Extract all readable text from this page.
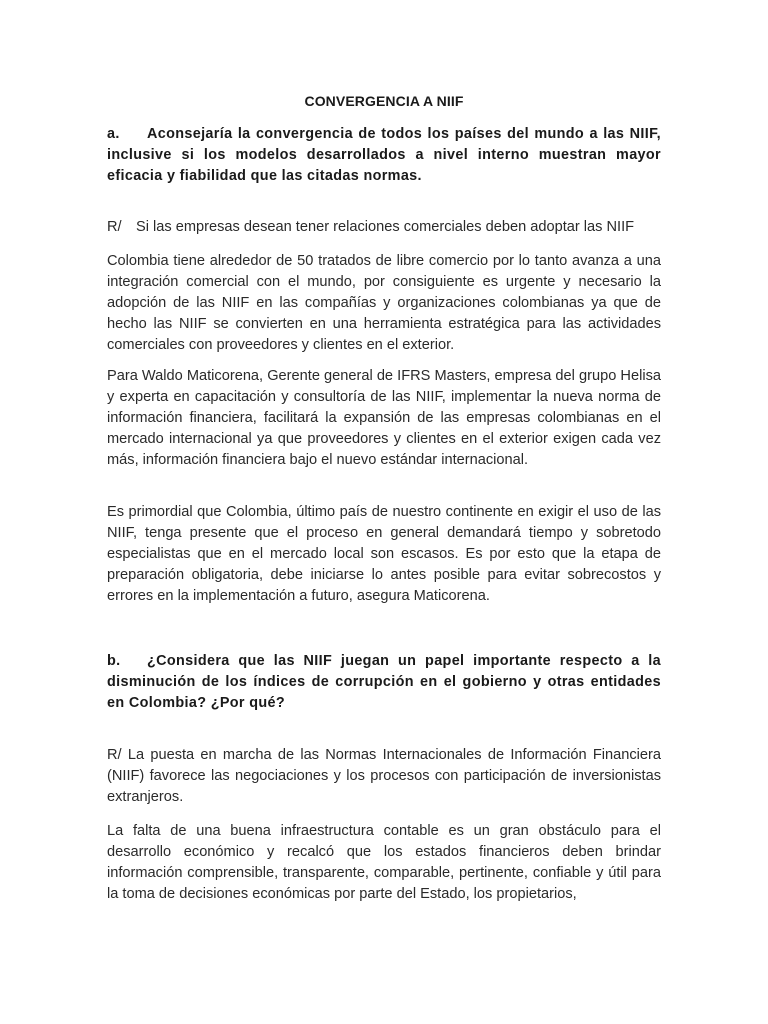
CONVERGENCIA A NIIF
a. Aconsejaría la convergencia de todos los países del mundo a las NIIF, inclusive si los modelos desarrollados a nivel interno muestran mayor eficacia y fiabilidad que las citadas normas.
R/ Si las empresas desean tener relaciones comerciales deben adoptar las NIIF
Colombia tiene alrededor de 50 tratados de libre comercio por lo tanto avanza a una integración comercial con el mundo, por consiguiente es urgente y necesario la adopción de las NIIF en las compañías y organizaciones colombianas ya que de hecho las NIIF se convierten en una herramienta estratégica para las actividades comerciales con proveedores y clientes en el exterior.
Para Waldo Maticorena, Gerente general de IFRS Masters, empresa del grupo Helisa y experta en capacitación y consultoría de las NIIF, implementar la nueva norma de información financiera, facilitará la expansión de las empresas colombianas en el mercado internacional ya que proveedores y clientes en el exterior exigen cada vez más, información financiera bajo el nuevo estándar internacional.
Es primordial que Colombia, último país de nuestro continente en exigir el uso de las NIIF, tenga presente que el proceso en general demandará tiempo y sobretodo especialistas que en el mercado local son escasos. Es por esto que la etapa de preparación obligatoria, debe iniciarse lo antes posible para evitar sobrecostos y errores en la implementación a futuro, asegura Maticorena.
b. ¿Considera que las NIIF juegan un papel importante respecto a la disminución de los índices de corrupción en el gobierno y otras entidades en Colombia? ¿Por qué?
R/ La puesta en marcha de las Normas Internacionales de Información Financiera (NIIF) favorece las negociaciones y los procesos con participación de inversionistas extranjeros.
La falta de una buena infraestructura contable es un gran obstáculo para el desarrollo económico y recalcó que los estados financieros deben brindar información comprensible, transparente, comparable, pertinente, confiable y útil para la toma de decisiones económicas por parte del Estado, los propietarios,
